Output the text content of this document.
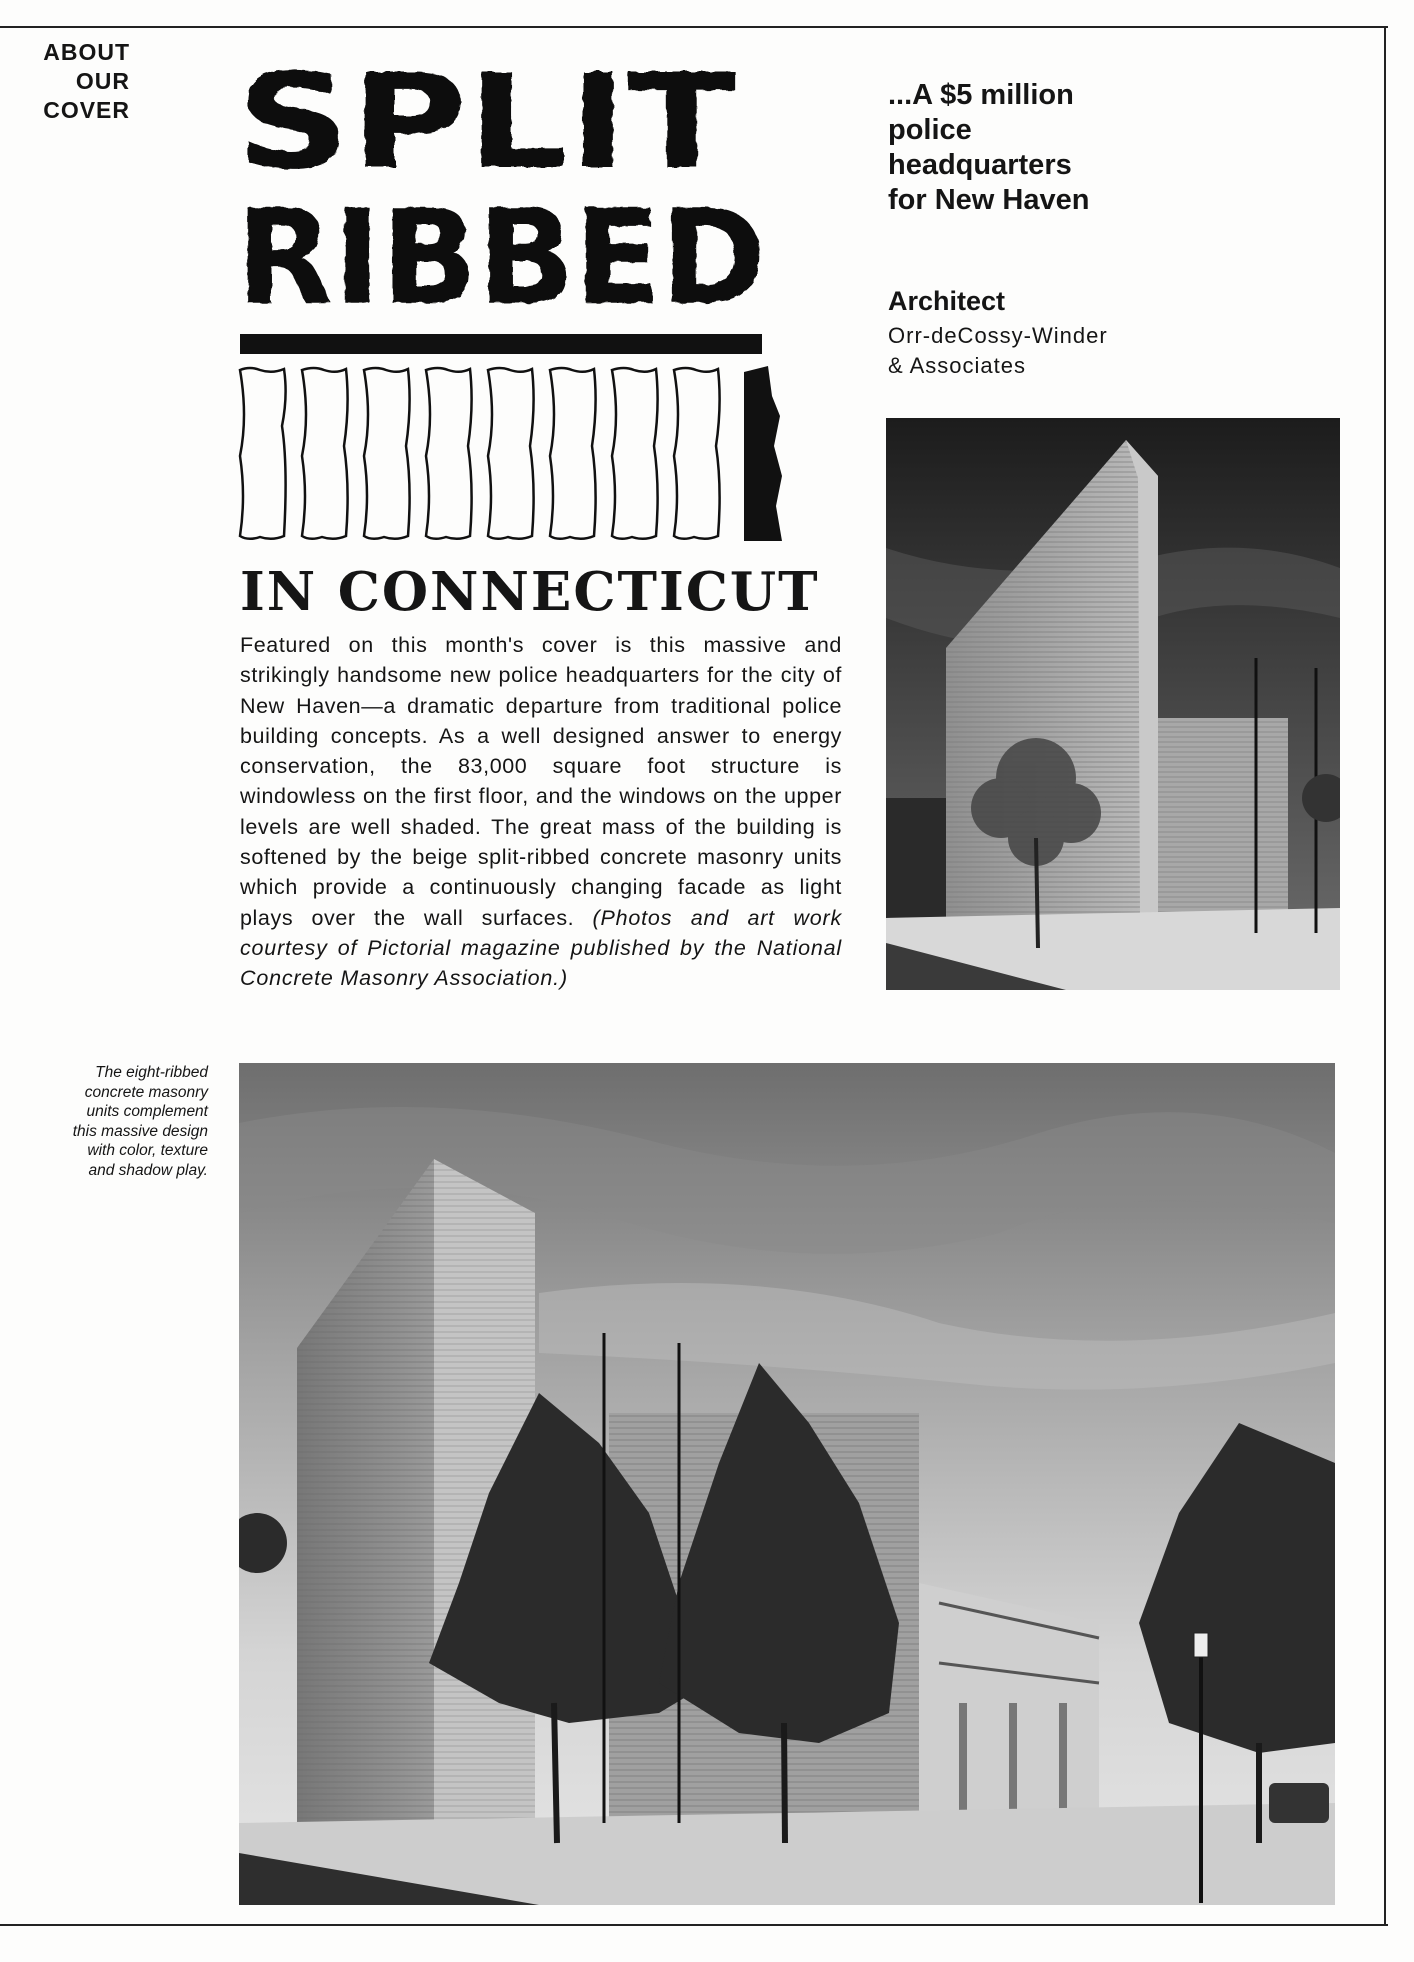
ABOUT
OUR
COVER SPLIT
RIBBED
IN CONNECTICUT
...A $5 million
police
headquarters
for New Haven
Architect
Orr-deCossy-Winder
& Associates
Featured on this month's cover is this massive and strikingly handsome new police headquarters for the city of New Haven—a dramatic departure from traditional police building concepts. As a well designed answer to energy conservation, the 83,000 square foot structure is windowless on the first floor, and the windows on the upper levels are well shaded. The great mass of the building is softened by the beige split-ribbed concrete masonry units which provide a continuously changing facade as light plays over the wall surfaces. (Photos and art work courtesy of Pictorial magazine published by the National Concrete Masonry Association.)
The eight-ribbed
concrete masonry
units complement
this massive design
with color, texture
and shadow play.
